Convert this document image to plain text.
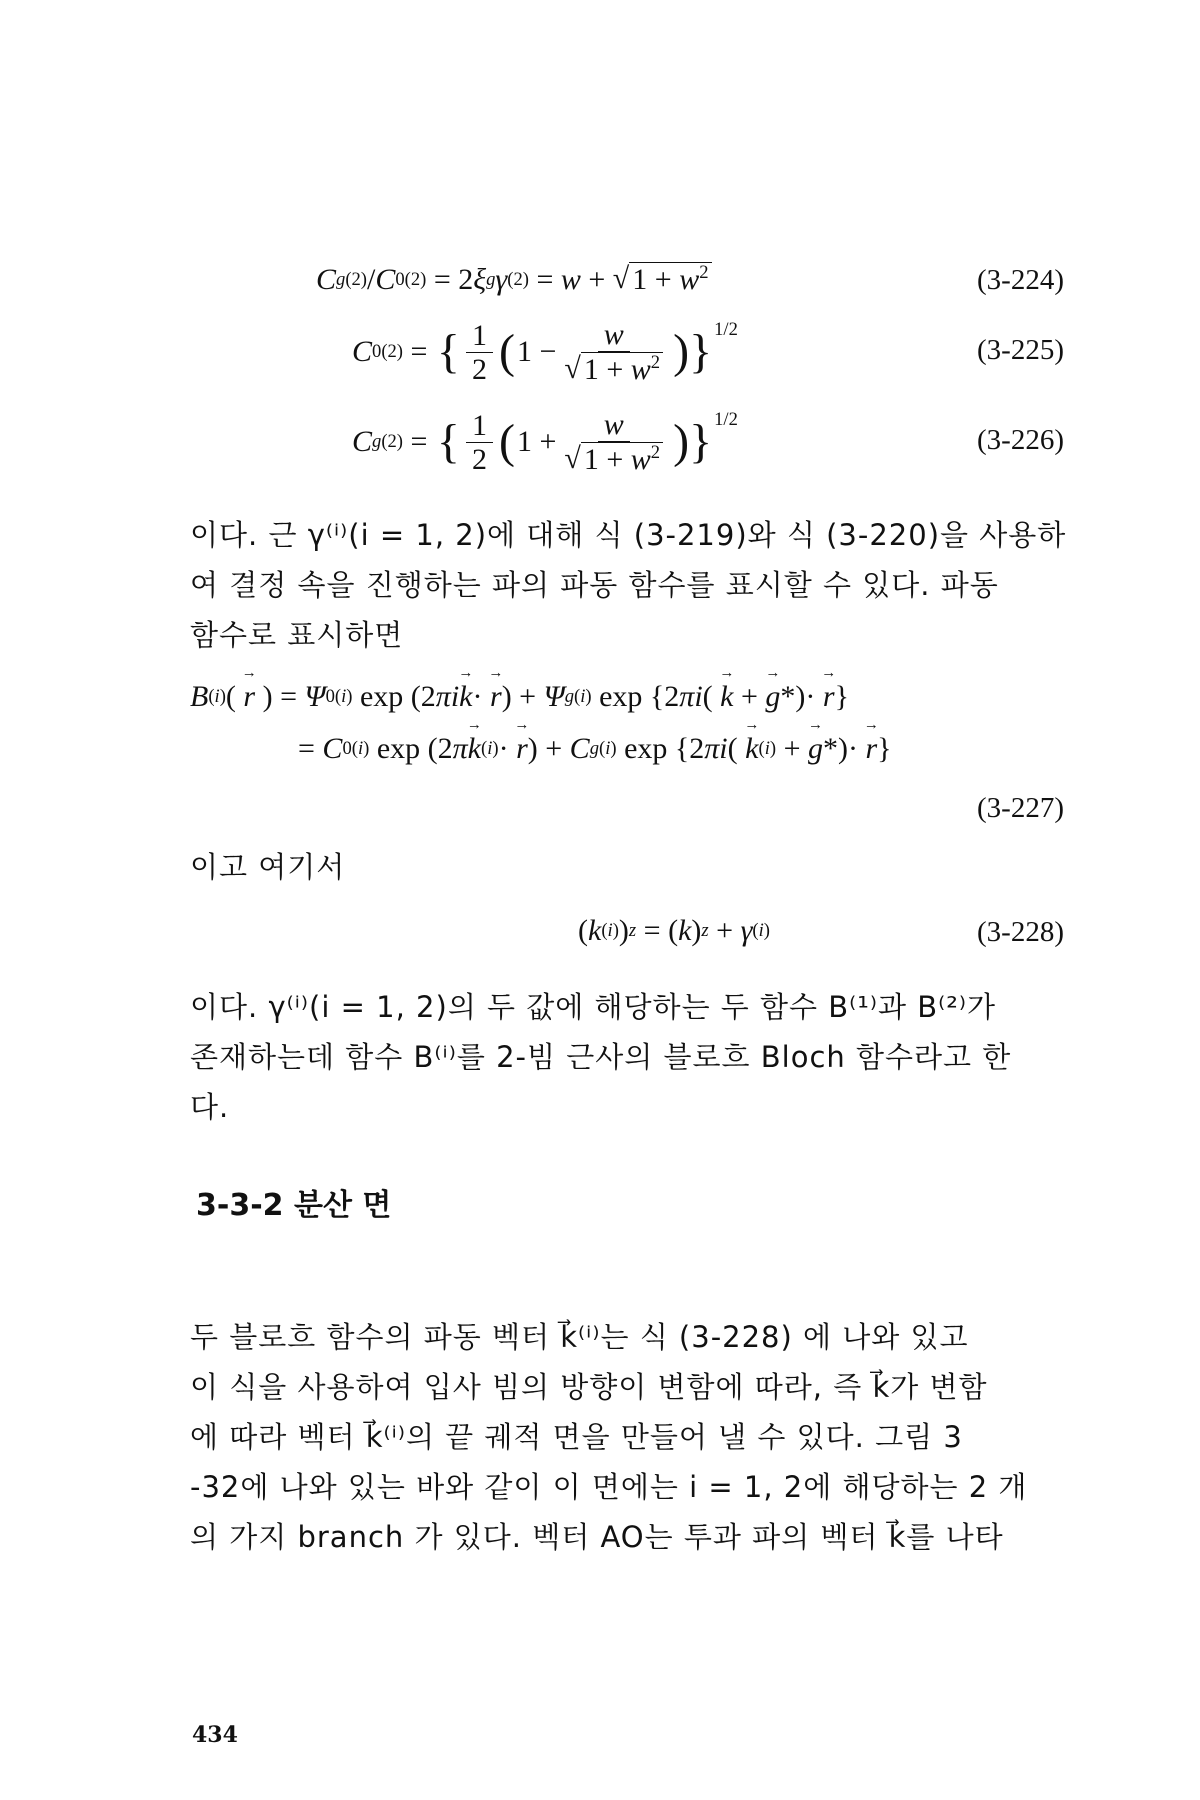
C g (2) / C 0 (2) = 2 ξ g γ (2) = w + √ $1 + w^2$	(3-224)
C 0 (2) = { $\frac{1}{2}$ ( $1 - \frac{w}{√ 1 + w^2} )\}^{1/2}$
(3-225)
C g (2) = { $\frac{1}{2}$ ( $1 + \frac{w}{√ 1 + w^2} )\}^{1/2}$
(3-226)
이다. 근 γ⁽ⁱ⁾(i = 1, 2)에 대해 식 (3-219)와 식 (3-220)을 사용하
여 결정 속을 진행하는 파의 파동 함수를 표시할 수 있다. 파동
함수로 표시하면
B (i) ( → r ) = Ψ 0 (i) exp (2 πi → k · → r ) + Ψ g (i) exp {2 πi ( → k + → g *)· → r }
= C 0 (i) exp (2 π → k (i) · → r ) + C g (i) exp {2 πi ( → k (i) + → g *)· → r }
(3-227)
이고 여기서
( k (i) ) z = ( k ) z + γ (i)	(3-228)
이다. γ⁽ⁱ⁾(i = 1, 2)의 두 값에 해당하는 두 함수 B⁽¹⁾과 B⁽²⁾가
존재하는데 함수 B⁽ⁱ⁾를 2-빔 근사의 블로흐 Bloch 함수라고 한
다.
3-3-2 분산 면
두 블로흐 함수의 파동 벡터 k⃗⁽ⁱ⁾는 식 (3-228) 에 나와 있고
이 식을 사용하여 입사 빔의 방향이 변함에 따라, 즉 k⃗가 변함
에 따라 벡터 k⃗⁽ⁱ⁾의 끝 궤적 면을 만들어 낼 수 있다. 그림 3
-32에 나와 있는 바와 같이 이 면에는 i = 1, 2에 해당하는 2 개
의 가지 branch 가 있다. 벡터 AO는 투과 파의 벡터 k⃗를 나타
434
